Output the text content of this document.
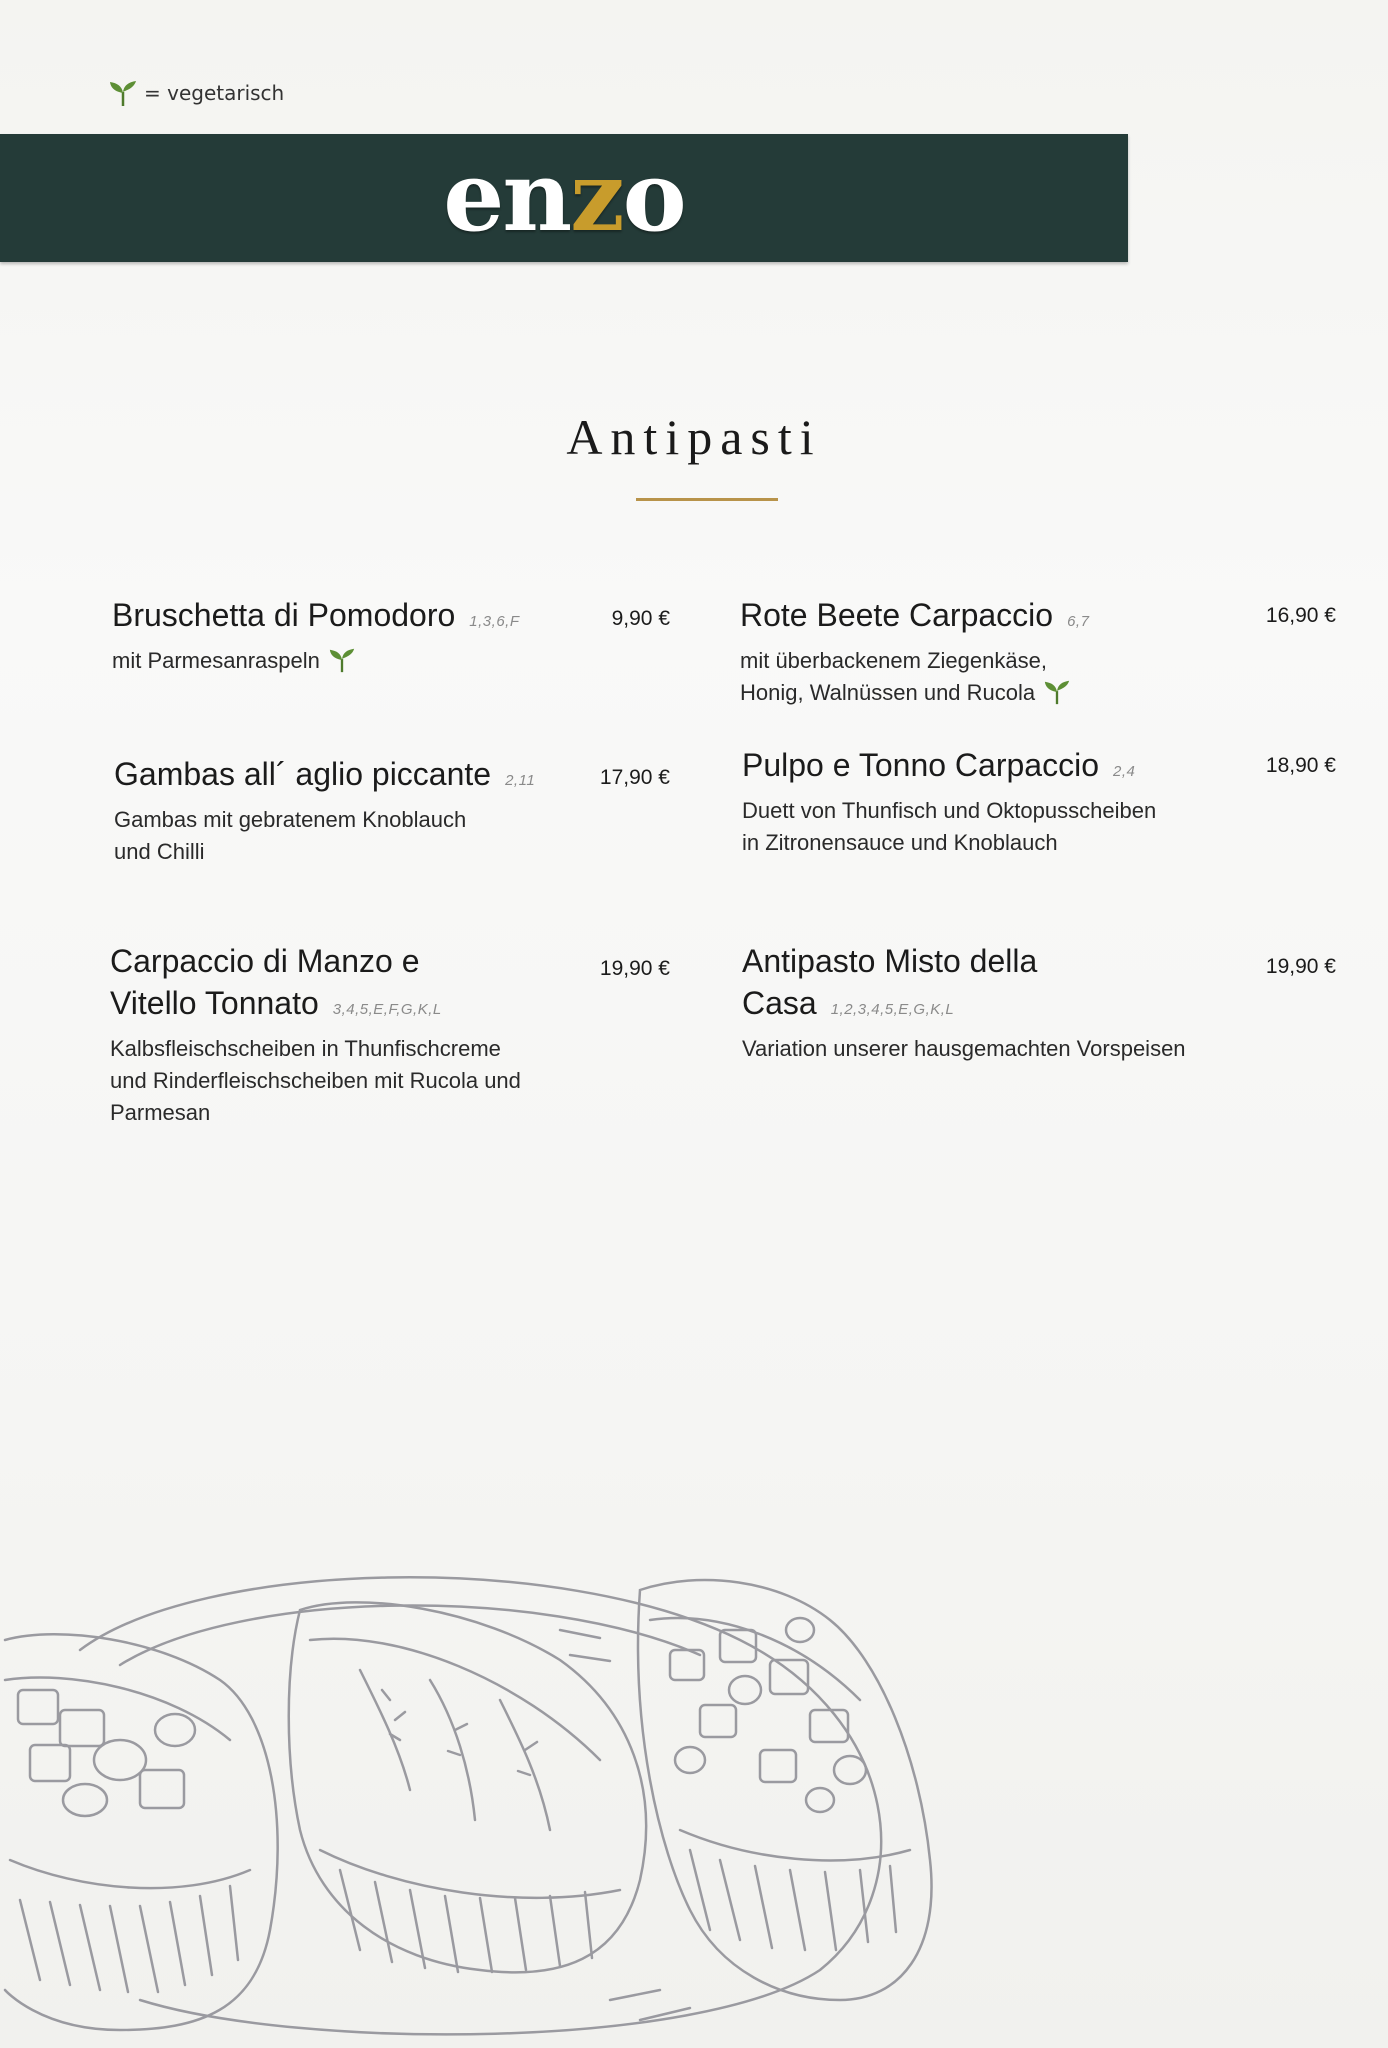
= vegetarisch
enzo
Antipasti
Bruschetta di Pomodoro 1,3,6,F
mit Parmesanraspeln
9,90 € Rote Beete Carpaccio 6,7
mit überbackenem Ziegenkäse,
Honig, Walnüssen und Rucola
16,90 €
Gambas all´ aglio piccante 2,11
Gambas mit gebratenem Knoblauch
und Chilli
17,90 € Pulpo e Tonno Carpaccio 2,4
Duett von Thunfisch und Oktopusscheiben
in Zitronensauce und Knoblauch
18,90 €
Carpaccio di Manzo e
Vitello Tonnato 3,4,5,E,F,G,K,L
Kalbsfleischscheiben in Thunfischcreme
und Rinderfleischscheiben mit Rucola und
Parmesan
19,90 € Antipasto Misto della
Casa 1,2,3,4,5,E,G,K,L
Variation unserer hausgemachten Vorspeisen
19,90 €
